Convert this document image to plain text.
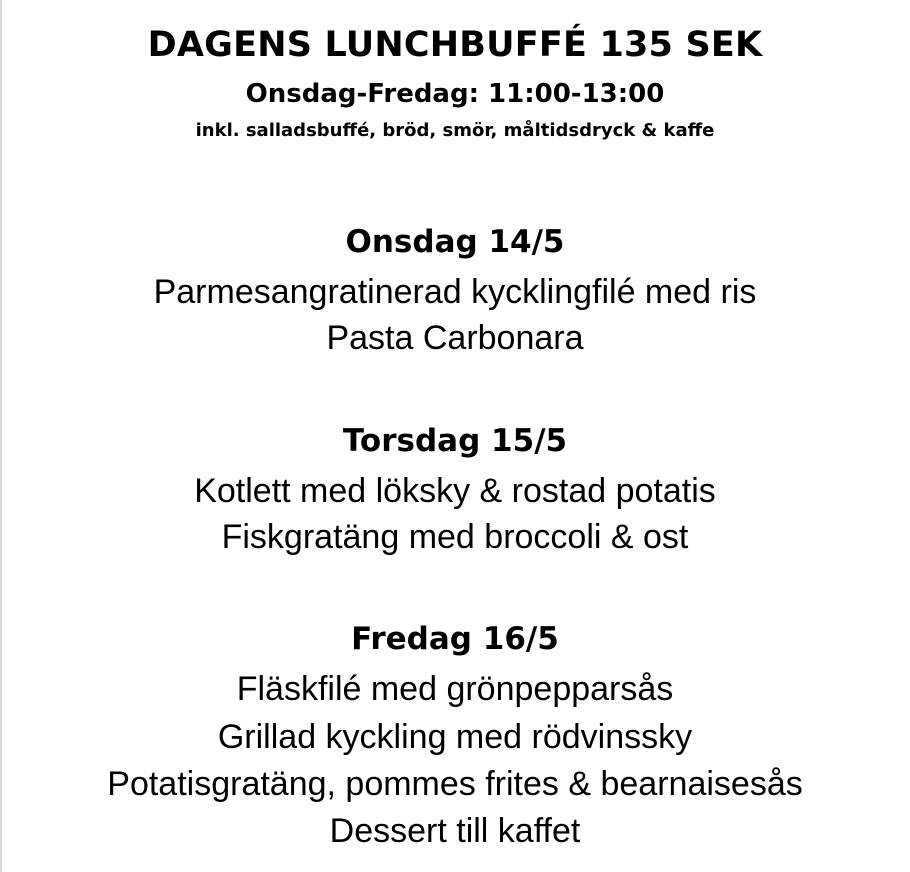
DAGENS LUNCHBUFFÉ 135 SEK
Onsdag-Fredag: 11:00-13:00
inkl. salladsbuffé, bröd, smör, måltidsdryck & kaffe
Onsdag 14/5
Parmesangratinerad kycklingfilé med ris
Pasta Carbonara
Torsdag 15/5
Kotlett med löksky & rostad potatis
Fiskgratäng med broccoli & ost
Fredag 16/5
Fläskfilé med grönpepparsås
Grillad kyckling med rödvinssky
Potatisgratäng, pommes frites & bearnaisesås
Dessert till kaffet
